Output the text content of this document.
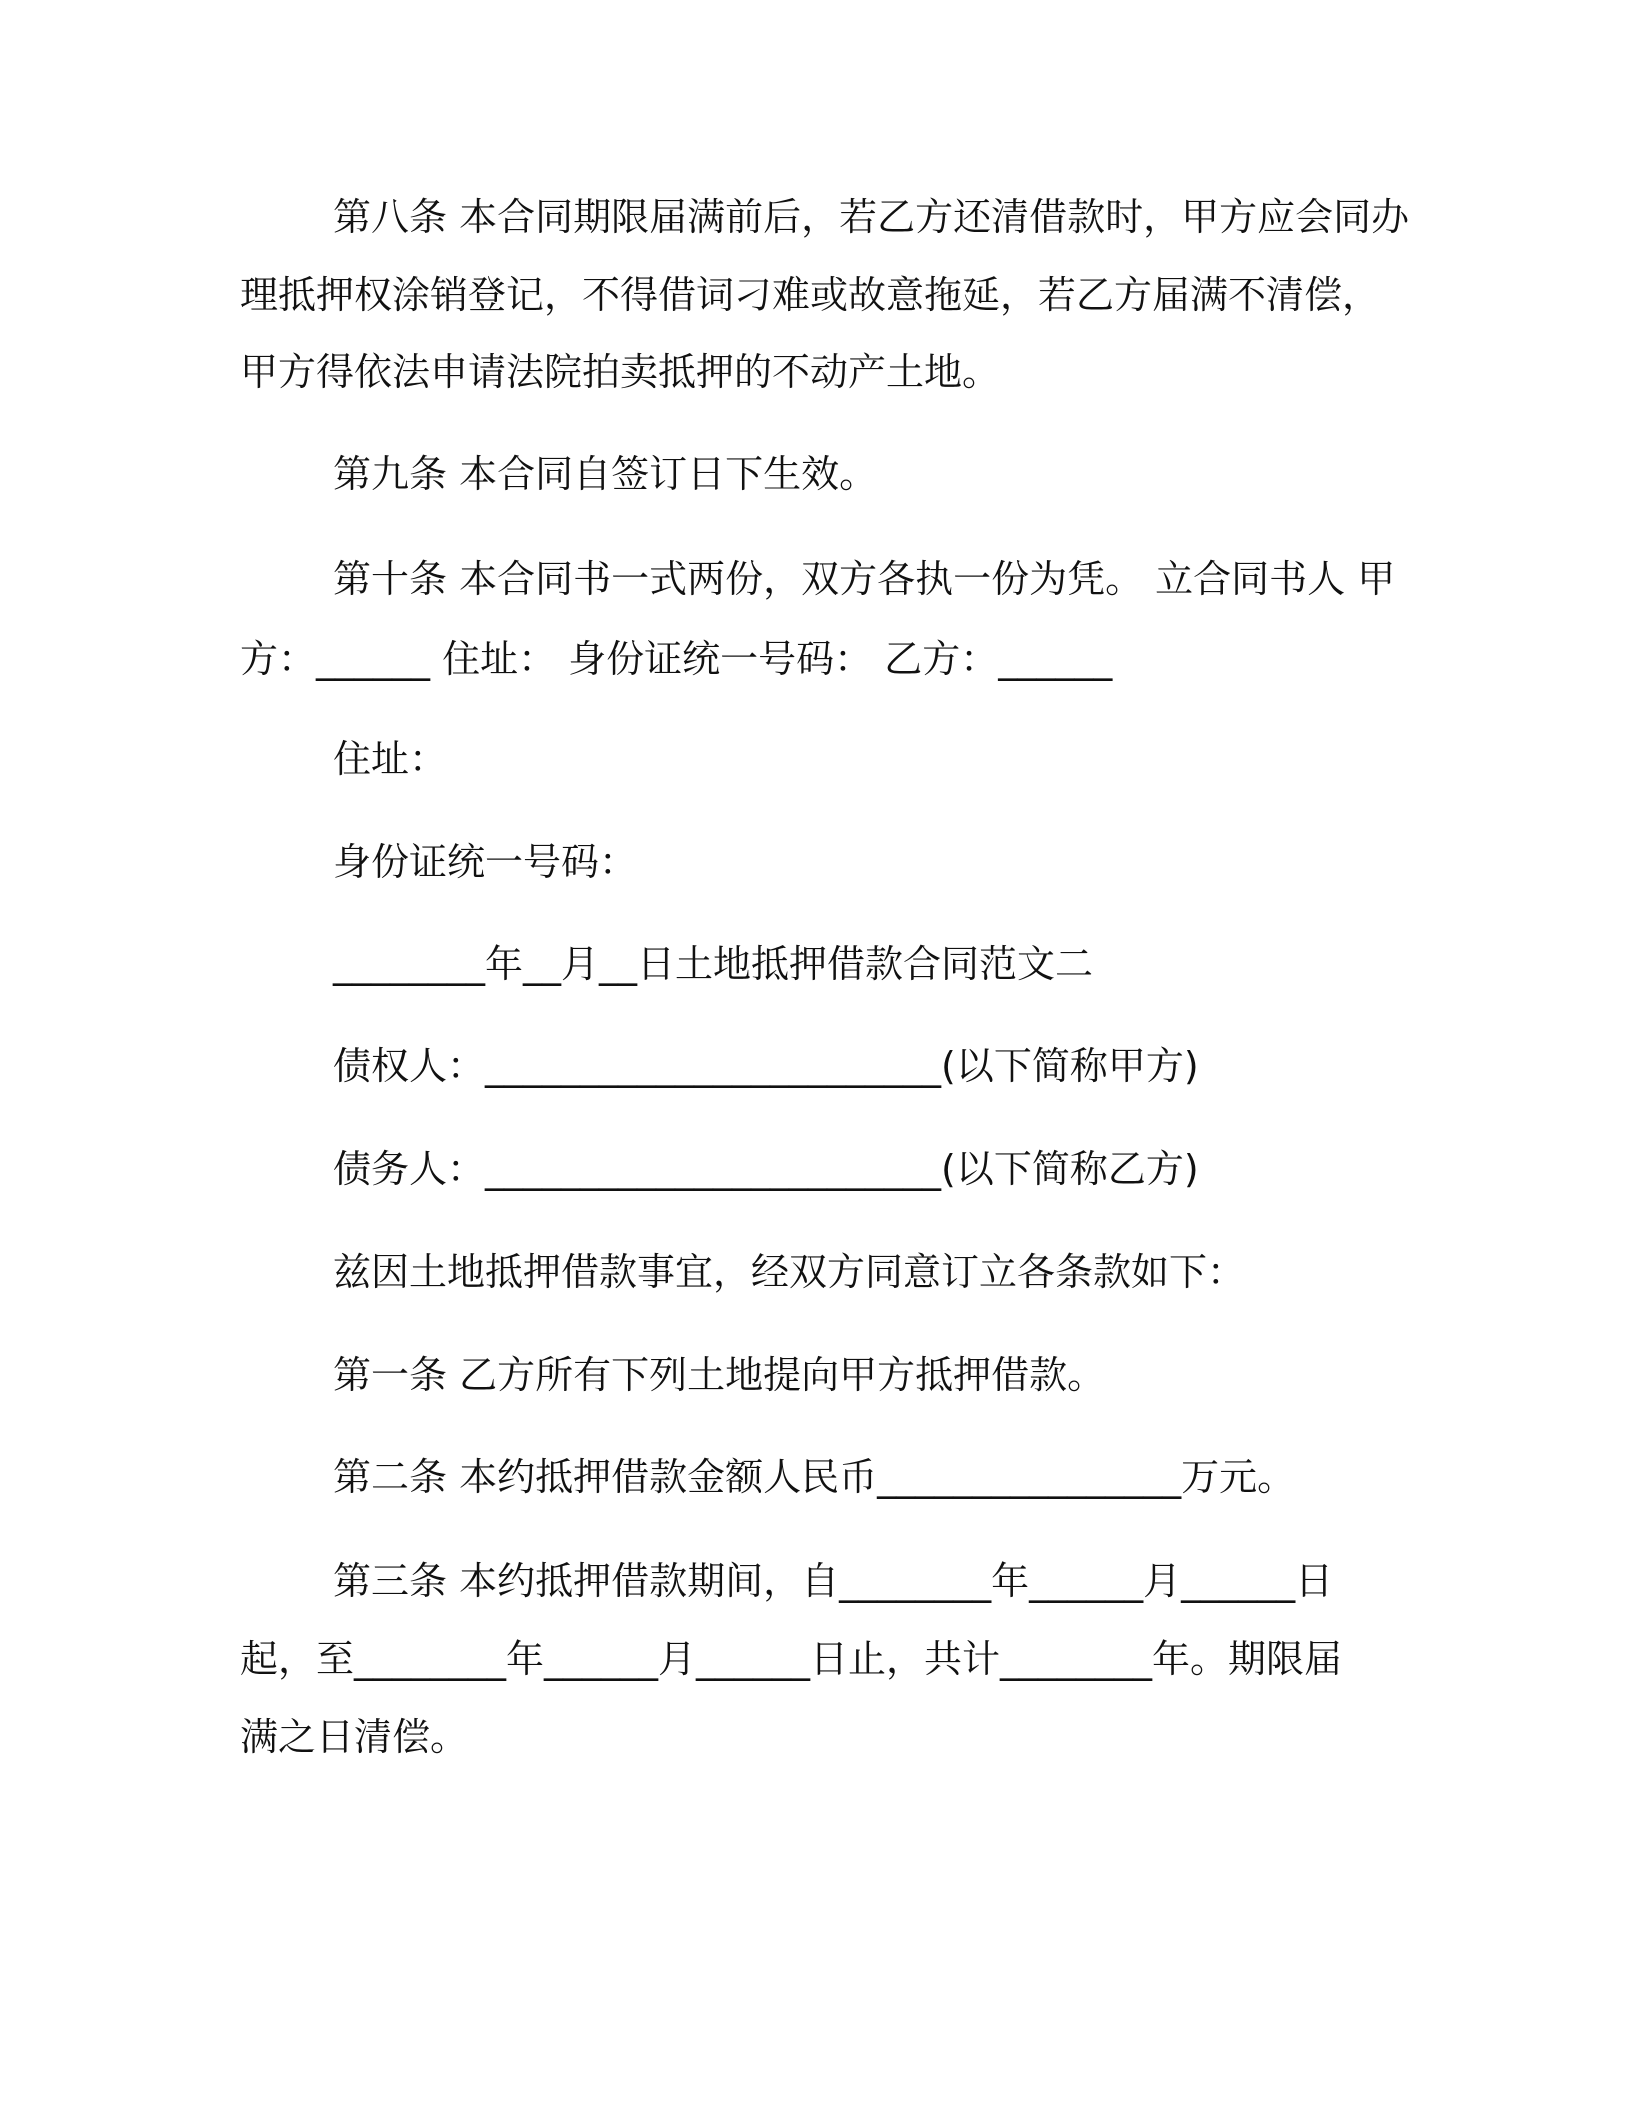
第八条 本合同期限届满前后，若乙方还清借款时，甲方应会同办
理抵押权涂销登记，不得借词刁难或故意拖延，若乙方届满不清偿，
甲方得依法申请法院拍卖抵押的不动产土地。
第九条 本合同自签订日下生效。
第十条 本合同书一式两份，双方各执一份为凭。 立合同书人 甲
方：______ 住址： 身份证统一号码： 乙方：______
住址：
身份证统一号码：
________年__月__日土地抵押借款合同范文二
债权人：________________________(以下简称甲方)
债务人：________________________(以下简称乙方)
兹因土地抵押借款事宜，经双方同意订立各条款如下：
第一条 乙方所有下列土地提向甲方抵押借款。
第二条 本约抵押借款金额人民币________________万元。
第三条 本约抵押借款期间，自________年______月______日
起，至________年______月______日止，共计________年。期限届
满之日清偿。
